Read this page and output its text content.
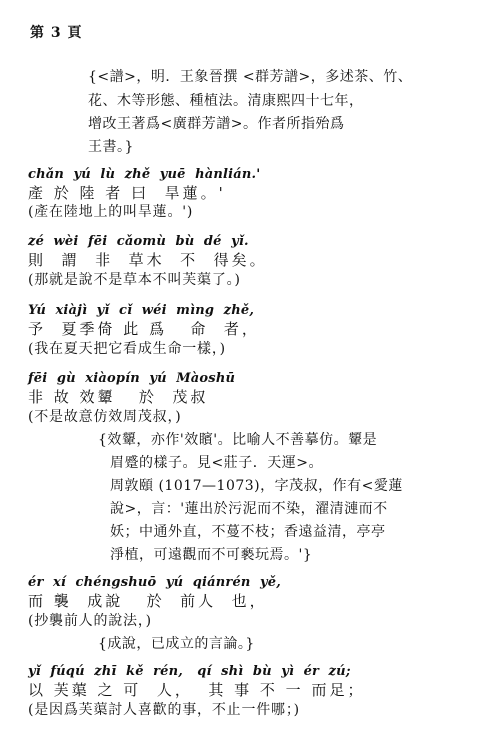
第 3 頁
{<譜>，明．王象晉撰 <群芳譜>，多述茶、竹、
花、木等形態、種植法。清康熙四十七年，
增改王著爲<廣群芳譜>。作者所指殆爲
王書。}
chǎn  yú  lù  zhě  yuē  hànlián.'
產 於 陸 者 曰  旱蓮。'
(產在陸地上的叫旱蓮。')
zé  wèi  fēi  cǎomù  bù  dé  yǐ.
則  謂  非  草木  不  得矣。
(那就是說不是草本不叫芙蕖了。)
Yú  xiàjì  yǐ  cǐ  wéi  mìng  zhě,
予  夏季倚 此 爲   命  者，
(我在夏天把它看成生命一樣，)
fēi  gù  xiàopín  yú  Màoshū
非 故 效顰   於  茂叔
(不是故意仿效周茂叔，)
{效顰，亦作'效矉'。比喻人不善摹仿。顰是
眉蹙的樣子。見<莊子．天運>。
周敦頤 (1017—1073)，字茂叔，作有<愛蓮
說>，言：'蓮出於污泥而不染，濯清漣而不
妖；中通外直，不蔓不枝；香遠益清，亭亭
淨植，可遠觀而不可褻玩焉。'}
ér  xí  chéngshuō  yú  qiánrén  yě,
而 襲  成說   於  前人  也，
(抄襲前人的說法，)
{成說，已成立的言論。}
yǐ  fúqú  zhī  kě  rén,   qí  shì  bù  yì  ér  zú;
以 芙蕖 之 可  人，  其 事 不 一 而足；
(是因爲芙蕖討人喜歡的事，不止一件哪；)
